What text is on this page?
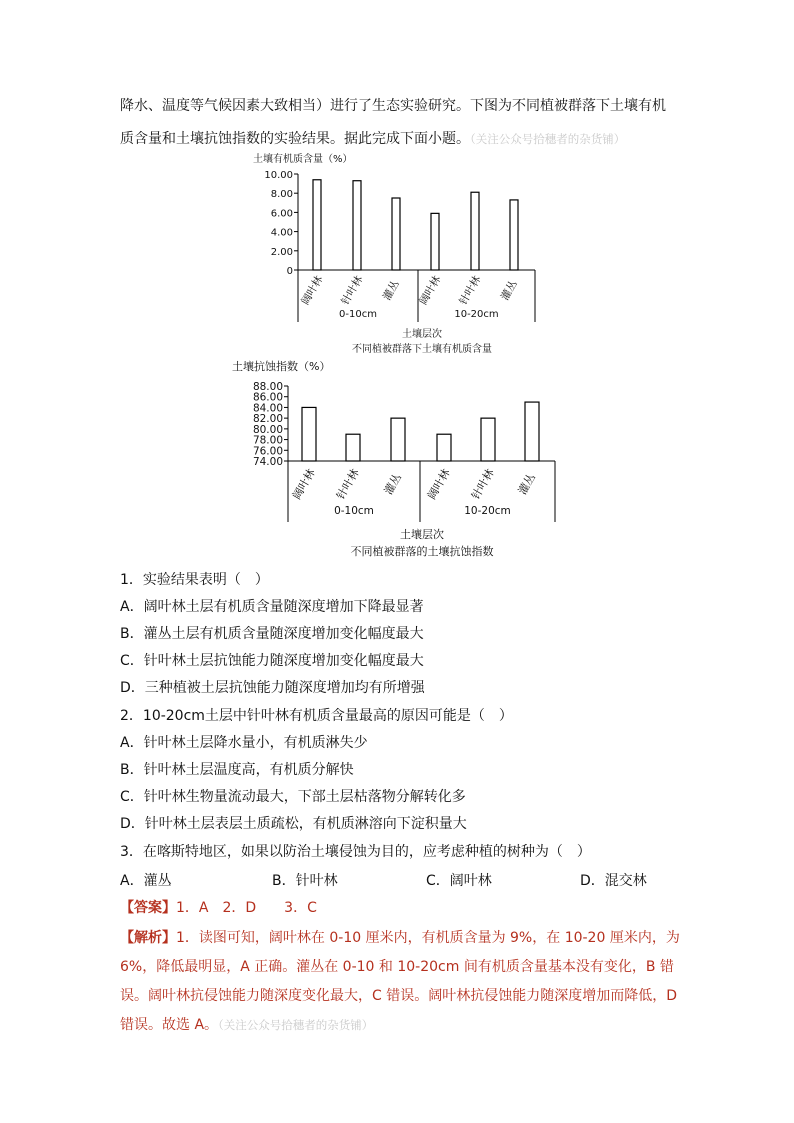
降水、温度等气候因素大致相当）进行了生态实验研究。下图为不同植被群落下土壤有机
质含量和土壤抗蚀指数的实验结果。据此完成下面小题。（关注公众号拾穗者的杂货铺）
土壤有机质含量（%）
10.00
8.00
6.00
4.00
2.00
0
阔叶林 针叶林 灌丛 阔叶林 针叶林 灌丛
0-10cm	10-20cm
土壤层次
不同植被群落下土壤有机质含量
土壤抗蚀指数（%）
88.00
86.00
84.00
82.00
80.00
78.00
76.00
74.00
阔叶林 针叶林 灌丛 阔叶林 针叶林 灌丛
0-10cm	10-20cm
土壤层次
不同植被群落的土壤抗蚀指数
1．实验结果表明（　）
A．阔叶林土层有机质含量随深度增加下降最显著
B．灌丛土层有机质含量随深度增加变化幅度最大
C．针叶林土层抗蚀能力随深度增加变化幅度最大
D．三种植被土层抗蚀能力随深度增加均有所增强
2．10-20cm土层中针叶林有机质含量最高的原因可能是（　）
A．针叶林土层降水量小，有机质淋失少
B．针叶林土层温度高，有机质分解快
C．针叶林生物量流动最大，下部土层枯落物分解转化多
D．针叶林土层表层土质疏松，有机质淋溶向下淀积量大
3．在喀斯特地区，如果以防治土壤侵蚀为目的，应考虑种植的树种为（　）
A．灌丛	B．针叶林	C．阔叶林	D．混交林
【答案】1．A　2．D　　3．C
【解析】1．读图可知，阔叶林在 0-10 厘米内，有机质含量为 9%，在 10-20 厘米内，为 6%，降低最明显，A 正确。灌丛在 0-10 和 10-20cm 间有机质含量基本没有变化，B 错误。阔叶林抗侵蚀能力随深度变化最大，C 错误。阔叶林抗侵蚀能力随深度增加而降低，D 错误。故选 A。（关注公众号拾穗者的杂货铺）
